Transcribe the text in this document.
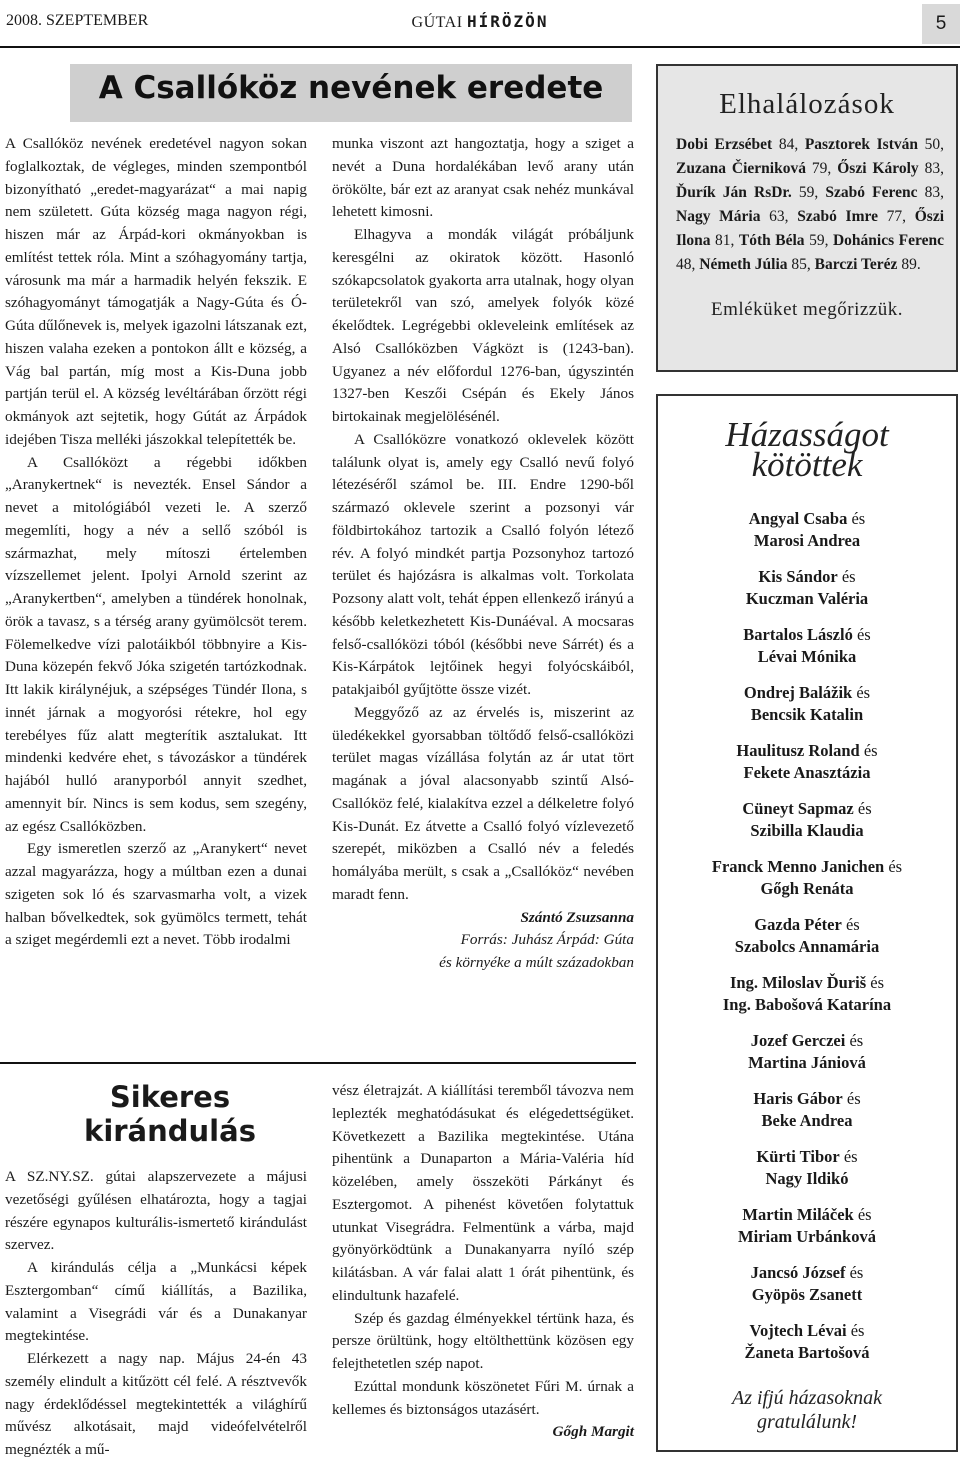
2008. SZEPTEMBER	GÚTAI HÍRÖZÖN	5
A Csallóköz nevének eredete

A Csallóköz nevének eredetével nagyon sokan foglalkoztak, de végleges, minden szempontból bizonyítható „eredet-magyarázat“ a mai napig nem született. Gúta község maga nagyon régi, hiszen már az Árpád-kori okmányokban is említést tettek róla. Mint a szóhagyomány tartja, városunk ma már a harmadik helyén fekszik. E szóhagyományt támogatják a Nagy-Gúta és Ó-Gúta dűlőnevek is, melyek igazolni látszanak ezt, hiszen valaha ezeken a pontokon állt e község, a Vág bal partán, míg most a Kis-Duna jobb partján terül el. A község levéltárában őrzött régi okmányok azt sejtetik, hogy Gútát az Árpádok idejében Tisza melléki jászokkal telepítették be.

A Csallóközt a régebbi időkben „Aranykertnek“ is nevezték. Ensel Sándor a nevet a mitológiából vezeti le. A szerző megemlíti, hogy a név a sellő szóból is származhat, mely mítoszi értelemben vízszellemet jelent. Ipolyi Arnold szerint az „Aranykertben“, amelyben a tündérek honolnak, örök a tavasz, s a térség arany gyümölcsöt terem. Fölemelkedve vízi palotáikból többnyire a Kis-Duna közepén fekvő Jóka szigetén tartózkodnak. Itt lakik királynéjuk, a szépséges Tündér Ilona, s innét járnak a mogyorósi rétekre, hol egy terebélyes fűz alatt megterítik asztalukat. Itt mindenki kedvére ehet, s távozáskor a tündérek hajából hulló aranyporból annyit szedhet, amennyit bír. Nincs is sem kodus, sem szegény, az egész Csallóközben.

Egy ismeretlen szerző az „Aranykert“ nevet azzal magyarázza, hogy a múltban ezen a dunai szigeten sok ló és szarvasmarha volt, a vizek halban bővelkedtek, sok gyümölcs termett, tehát a sziget megérdemli ezt a nevet. Több irodalmi

munka viszont azt hangoztatja, hogy a sziget a nevét a Duna hordalékában levő arany után örökölte, bár ezt az aranyat csak nehéz munkával lehetett kimosni.

Elhagyva a mondák világát próbáljunk keresgélni az okiratok között. Hasonló szókapcsolatok gyakorta arra utalnak, hogy olyan területekről van szó, amelyek folyók közé ékelődtek. Legrégebbi okleveleink említések az Alsó Csallóközben Vágközt is (1243-ban). Ugyanez a név előfordul 1276-ban, úgyszintén 1327-ben Keszői Csépán és Ekely János birtokainak megjelölésénél.

A Csallóközre vonatkozó oklevelek között találunk olyat is, amely egy Csalló nevű folyó létezéséről számol be. III. Endre 1290-ből származó oklevele szerint a pozsonyi vár földbirtokához tartozik a Csalló folyón létező rév. A folyó mindkét partja Pozsonyhoz tartozó terület és hajózásra is alkalmas volt. Torkolata Pozsony alatt volt, tehát éppen ellenkező irányú a később keletkezhetett Kis-Dunáéval. A mocsaras felső-csallóközi tóból (későbbi neve Sárrét) és a Kis-Kárpátok lejtőinek hegyi folyócskáiból, patakjaiból gyűjtötte össze vizét.

Meggyőző az az érvelés is, miszerint az üledékekkel gyorsabban töltődő felső-csallóközi terület magas vízállása folytán az ár utat tört magának a jóval alacsonyabb szintű Alsó-Csallóköz felé, kialakítva ezzel a délkeletre folyó Kis-Dunát. Ez átvette a Csalló folyó vízlevezető szerepét, miközben a Csalló név a feledés homályába merült, s csak a „Csallóköz“ nevében maradt fenn.

Szántó Zsuzsanna

Forrás: Juhász Árpád: Gúta

és környéke a múlt századokban

Sikeres
kirándulás

A SZ.NY.SZ. gútai alapszervezete a májusi vezetőségi gyűlésen elhatározta, hogy a tagjai részére egynapos kulturális-ismertető kirándulást szervez.

A kirándulás célja a „Munkácsi képek Esztergomban“ című kiállítás, a Bazilika, valamint a Visegrádi vár és a Dunakanyar megtekintése.

Elérkezett a nagy nap. Május 24-én 43 személy elindult a kitűzött cél felé. A résztvevők nagy érdeklődéssel megtekintették a világhírű művész alkotásait, majd videófelvételről megnézték a mű-

vész életrajzát. A kiállítási teremből távozva nem leplezték meghatódásukat és elégedettségüket. Következett a Bazilika megtekintése. Utána pihentünk a Dunaparton a Mária-Valéria híd közelében, amely összeköti Párkányt és Esztergomot. A pihenést követően folytattuk utunkat Visegrádra. Felmentünk a várba, majd gyönyörködtünk a Dunakanyarra nyíló szép kilátásban. A vár falai alatt 1 órát pihentünk, és elindultunk hazafelé.

Szép és gazdag élményekkel tértünk haza, és persze örültünk, hogy eltölthettünk közösen egy felejthetetlen szép napot.

Ezúttal mondunk köszönetet Fűri M. úrnak a kellemes és biztonságos utazásért.

Gőgh Margit

Elhalálozások
Dobi Erzsébet 84, Pasztorek István 50, Zuzana Čierniková 79, Őszi Károly 83, Ďurík Ján RsDr. 59, Szabó Ferenc 83, Nagy Mária 63, Szabó Imre 77, Őszi Ilona 81, Tóth Béla 59, Dohánics Ferenc 48, Németh Júlia 85, Barczi Teréz 89.
Emléküket megőrizzük.
Házasságot
kötöttek
Angyal Csaba és
Marosi Andrea
Kis Sándor és
Kuczman Valéria
Bartalos László és
Lévai Mónika
Ondrej Balážik és
Bencsik Katalin
Haulitusz Roland és
Fekete Anasztázia
Cüneyt Sapmaz és
Szibilla Klaudia
Franck Menno Janichen és
Gőgh Renáta
Gazda Péter és
Szabolcs Annamária
Ing. Miloslav Ďuriš és
Ing. Babošová Katarína
Jozef Gerczei és
Martina Jániová
Haris Gábor és
Beke Andrea
Kürti Tibor és
Nagy Ildikó
Martin Miláček és
Miriam Urbánková
Jancsó József és
Gyöpös Zsanett
Vojtech Lévai és
Žaneta Bartošová
Az ifjú házasoknak
gratulálunk!
